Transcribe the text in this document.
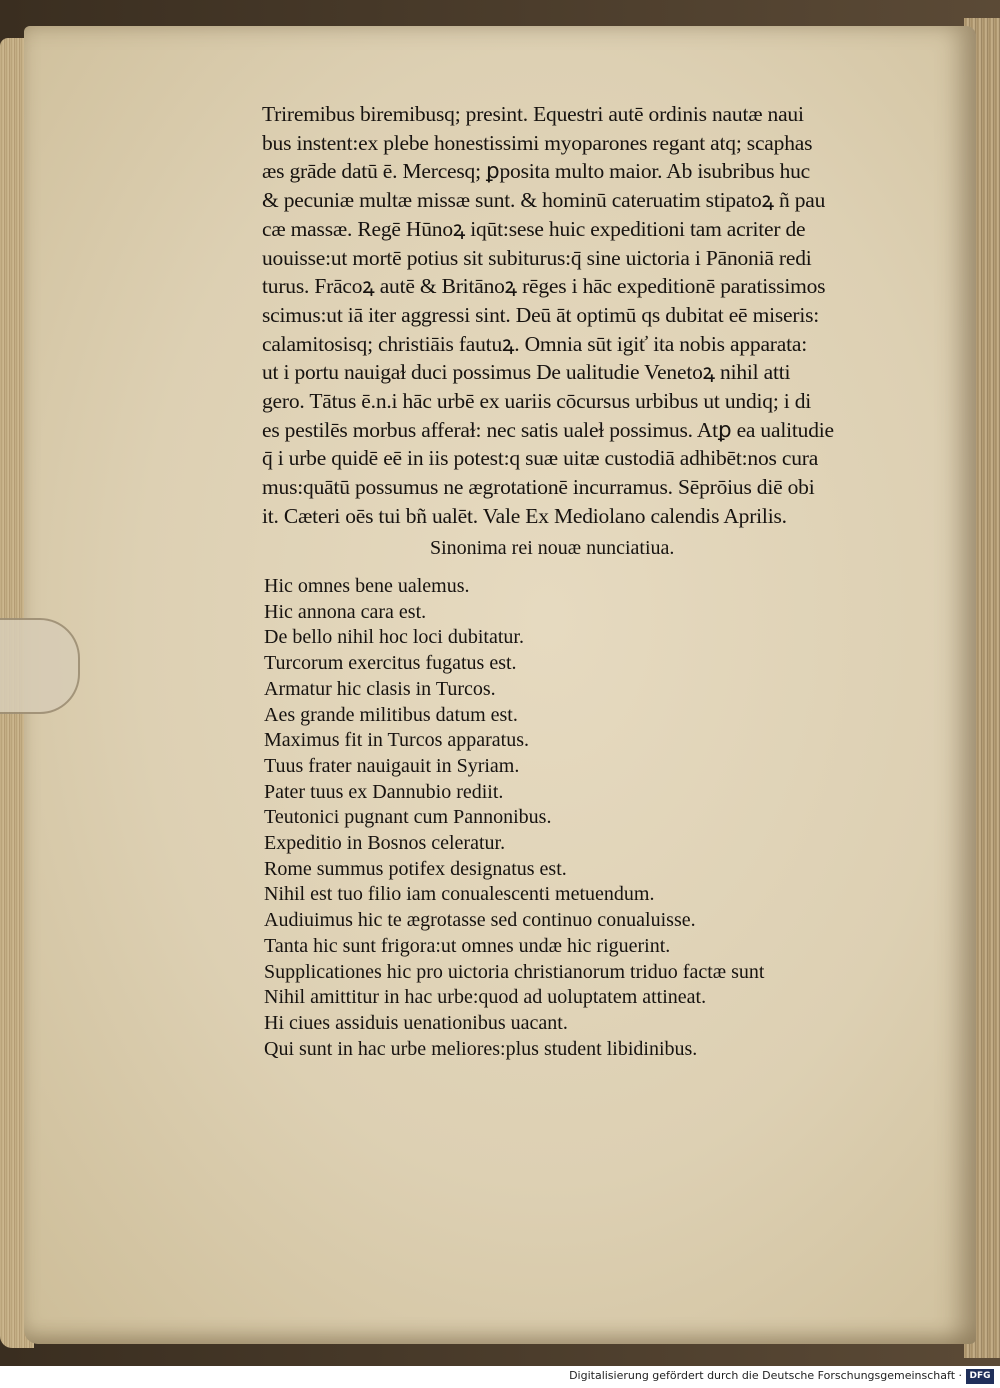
Triremibus biremibusq; presint. Equestri autē ordinis nautæ naui
bus instent:ex plebe honestissimi myoparones regant atq; scaphas
æs grāde datū ē. Mercesq; ꝑposita multo maior. Ab isubribus huc
& pecuniæ multæ missæ sunt. & hominū cateruatim stipatoꝝ ñ pau
cæ massæ. Regē Hūnoꝝ iqūt:sese huic expeditioni tam acriter de
uouisse:ut mortē potius sit subiturus:q̄ sine uictoria i Pānoniā redi
turus. Frācoꝝ autē & Britānoꝝ rēges i hāc expeditionē paratissimos
scimus:ut iā iter aggressi sint. Deū āt optimū qs dubitat eē miseris:
calamitosisq; christiāis fautuꝝ. Omnia sūt igiť ita nobis apparata:
ut i portu nauigaɫ duci possimus De ualitudie Venetoꝝ nihil atti
gero. Tātus ē.n.i hāc urbē ex uariis cōcursus urbibus ut undiq; i di
es pestilēs morbus afferaɫ: nec satis ualeɫ possimus. Atꝑ ea ualitudie
q̄ i urbe quidē eē in iis potest:q suæ uitæ custodiā adhibēt:nos cura
mus:quātū possumus ne ægrotationē incurramus. Sēprōius diē obi
it. Cæteri oēs tui bñ ualēt. Vale Ex Mediolano calendis Aprilis.
Sinonima rei nouæ nunciatiua.
Hic omnes bene ualemus.
Hic annona cara est.
De bello nihil hoc loci dubitatur.
Turcorum exercitus fugatus est.
Armatur hic clasis in Turcos.
Aes grande militibus datum est.
Maximus fit in Turcos apparatus.
Tuus frater nauigauit in Syriam.
Pater tuus ex Dannubio rediit.
Teutonici pugnant cum Pannonibus.
Expeditio in Bosnos celeratur.
Rome summus potifex designatus est.
Nihil est tuo filio iam conualescenti metuendum.
Audiuimus hic te ægrotasse sed continuo conualuisse.
Tanta hic sunt frigora:ut omnes undæ hic riguerint.
Supplicationes hic pro uictoria christianorum triduo factæ sunt
Nihil amittitur in hac urbe:quod ad uoluptatem attineat.
Hi ciues assiduis uenationibus uacant.
Qui sunt in hac urbe meliores:plus student libidinibus.
Digitalisierung gefördert durch die Deutsche Forschungsgemeinschaft · DFG
